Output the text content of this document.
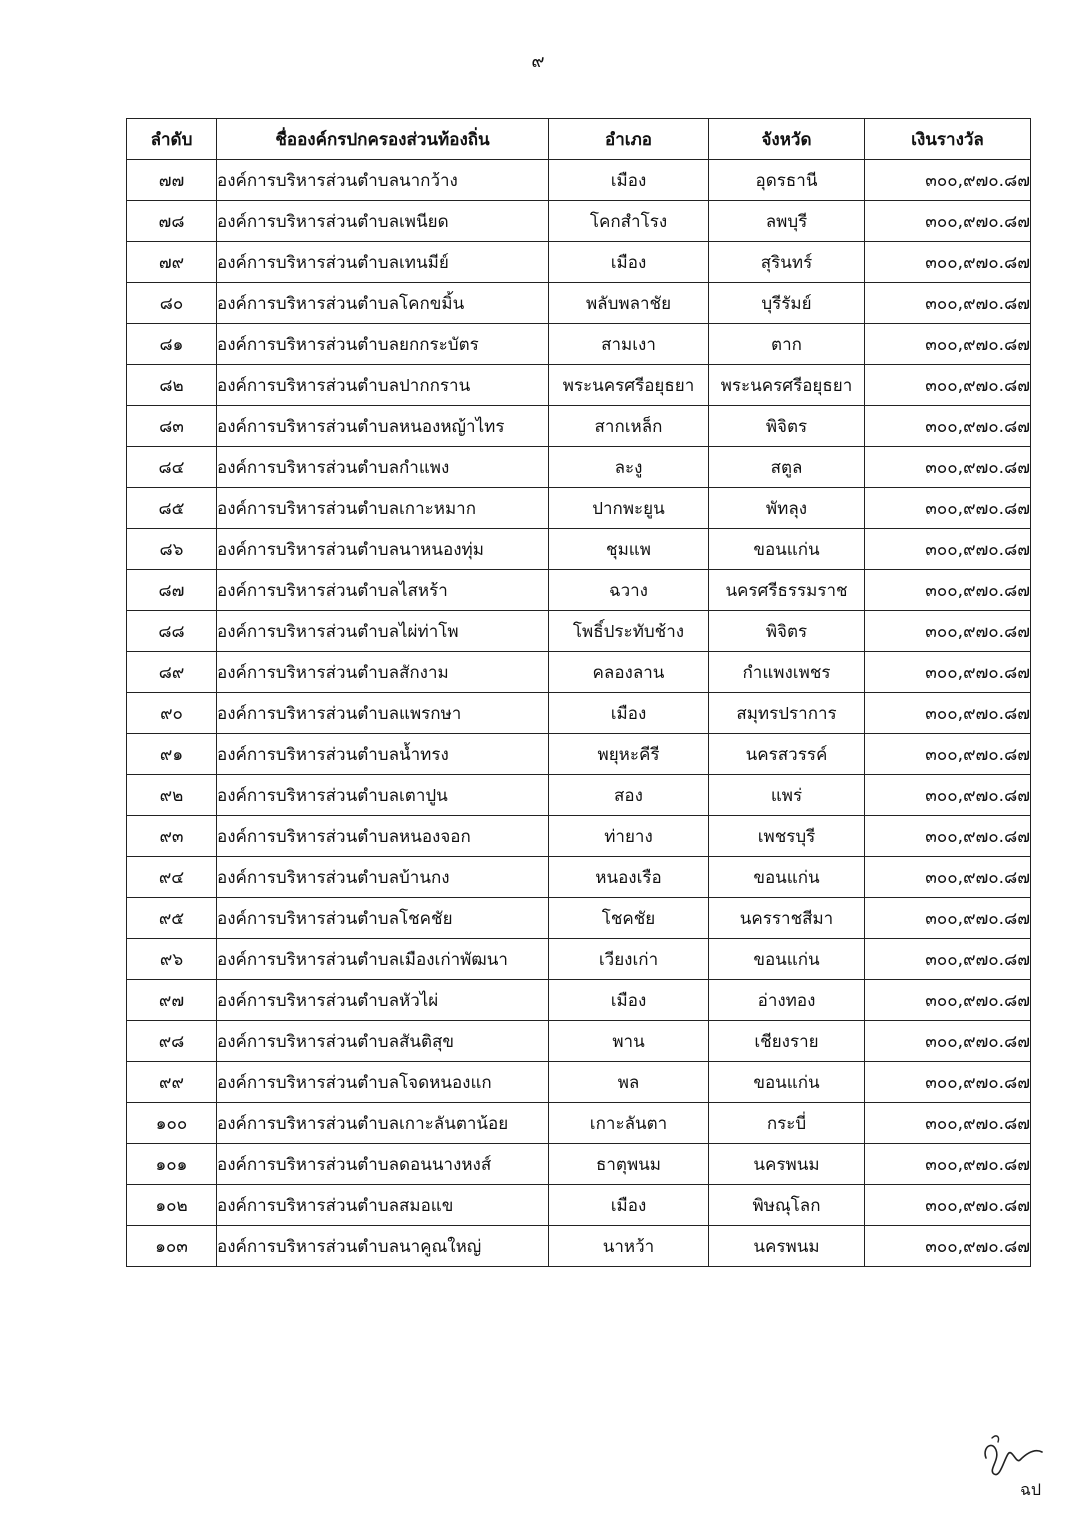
๙
ลำดับ	ชื่อองค์กรปกครองส่วนท้องถิ่น	อำเภอ	จังหวัด	เงินรางวัล
๗๗	องค์การบริหารส่วนตำบลนากว้าง	เมือง	อุดรธานี	๓๐๐,๙๗๐.๘๗
๗๘	องค์การบริหารส่วนตำบลเพนียด	โคกสำโรง	ลพบุรี	๓๐๐,๙๗๐.๘๗
๗๙	องค์การบริหารส่วนตำบลเทนมีย์	เมือง	สุรินทร์	๓๐๐,๙๗๐.๘๗
๘๐	องค์การบริหารส่วนตำบลโคกขมิ้น	พลับพลาชัย	บุรีรัมย์	๓๐๐,๙๗๐.๘๗
๘๑	องค์การบริหารส่วนตำบลยกกระบัตร	สามเงา	ตาก	๓๐๐,๙๗๐.๘๗
๘๒	องค์การบริหารส่วนตำบลปากกราน	พระนครศรีอยุธยา	พระนครศรีอยุธยา	๓๐๐,๙๗๐.๘๗
๘๓	องค์การบริหารส่วนตำบลหนองหญ้าไทร	สากเหล็ก	พิจิตร	๓๐๐,๙๗๐.๘๗
๘๔	องค์การบริหารส่วนตำบลกำแพง	ละงู	สตูล	๓๐๐,๙๗๐.๘๗
๘๕	องค์การบริหารส่วนตำบลเกาะหมาก	ปากพะยูน	พัทลุง	๓๐๐,๙๗๐.๘๗
๘๖	องค์การบริหารส่วนตำบลนาหนองทุ่ม	ชุมแพ	ขอนแก่น	๓๐๐,๙๗๐.๘๗
๘๗	องค์การบริหารส่วนตำบลไสหร้า	ฉวาง	นครศรีธรรมราช	๓๐๐,๙๗๐.๘๗
๘๘	องค์การบริหารส่วนตำบลไผ่ท่าโพ	โพธิ์ประทับช้าง	พิจิตร	๓๐๐,๙๗๐.๘๗
๘๙	องค์การบริหารส่วนตำบลสักงาม	คลองลาน	กำแพงเพชร	๓๐๐,๙๗๐.๘๗
๙๐	องค์การบริหารส่วนตำบลแพรกษา	เมือง	สมุทรปราการ	๓๐๐,๙๗๐.๘๗
๙๑	องค์การบริหารส่วนตำบลน้ำทรง	พยุหะคีรี	นครสวรรค์	๓๐๐,๙๗๐.๘๗
๙๒	องค์การบริหารส่วนตำบลเตาปูน	สอง	แพร่	๓๐๐,๙๗๐.๘๗
๙๓	องค์การบริหารส่วนตำบลหนองจอก	ท่ายาง	เพชรบุรี	๓๐๐,๙๗๐.๘๗
๙๔	องค์การบริหารส่วนตำบลบ้านกง	หนองเรือ	ขอนแก่น	๓๐๐,๙๗๐.๘๗
๙๕	องค์การบริหารส่วนตำบลโชคชัย	โชคชัย	นครราชสีมา	๓๐๐,๙๗๐.๘๗
๙๖	องค์การบริหารส่วนตำบลเมืองเก่าพัฒนา	เวียงเก่า	ขอนแก่น	๓๐๐,๙๗๐.๘๗
๙๗	องค์การบริหารส่วนตำบลหัวไผ่	เมือง	อ่างทอง	๓๐๐,๙๗๐.๘๗
๙๘	องค์การบริหารส่วนตำบลสันติสุข	พาน	เชียงราย	๓๐๐,๙๗๐.๘๗
๙๙	องค์การบริหารส่วนตำบลโจดหนองแก	พล	ขอนแก่น	๓๐๐,๙๗๐.๘๗
๑๐๐	องค์การบริหารส่วนตำบลเกาะลันตาน้อย	เกาะลันตา	กระบี่	๓๐๐,๙๗๐.๘๗
๑๐๑	องค์การบริหารส่วนตำบลดอนนางหงส์	ธาตุพนม	นครพนม	๓๐๐,๙๗๐.๘๗
๑๐๒	องค์การบริหารส่วนตำบลสมอแข	เมือง	พิษณุโลก	๓๐๐,๙๗๐.๘๗
๑๐๓	องค์การบริหารส่วนตำบลนาคูณใหญ่	นาหว้า	นครพนม	๓๐๐,๙๗๐.๘๗
ฉป
